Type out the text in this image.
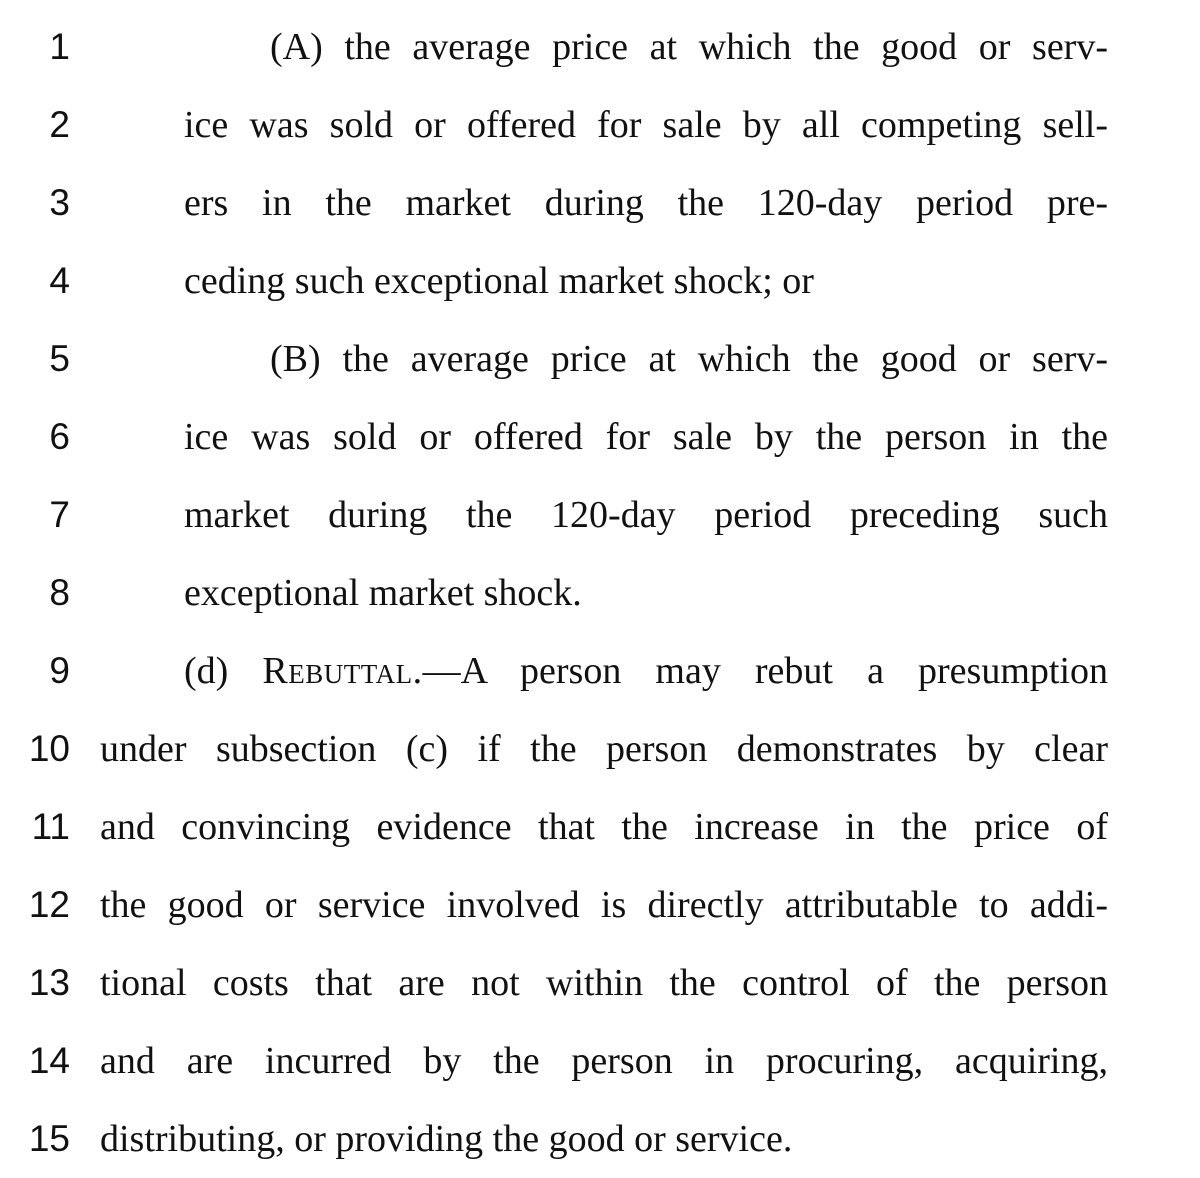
1	(A) the average price at which the good or serv-
2	ice was sold or offered for sale by all competing sell-
3	ers in the market during the 120-day period pre-
4	ceding such exceptional market shock; or
5	(B) the average price at which the good or serv-
6	ice was sold or offered for sale by the person in the
7	market during the 120-day period preceding such
8	exceptional market shock.
9	(d) Rebuttal.—A person may rebut a presumption
10 under subsection (c) if the person demonstrates by clear
11 and convincing evidence that the increase in the price of
12 the good or service involved is directly attributable to addi-
13 tional costs that are not within the control of the person
14 and are incurred by the person in procuring, acquiring,
15 distributing, or providing the good or service.
